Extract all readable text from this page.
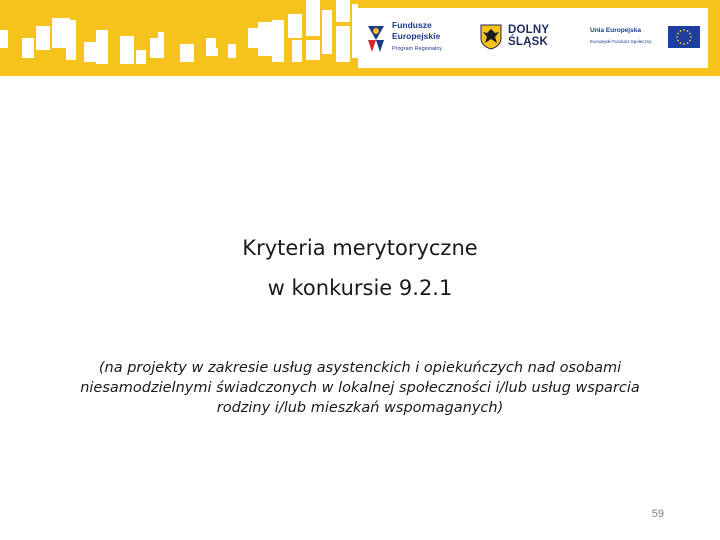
Fundusze
Europejskie
Program Regionalny
DOLNY
ŚLĄSK
Unia Europejska
Europejski Fundusz Społeczny
Kryteria merytoryczne
w konkursie 9.2.1
(na projekty w zakresie usług asystenckich i opiekuńczych nad osobami niesamodzielnymi świadczonych w lokalnej społeczności i/lub usług wsparcia rodziny i/lub mieszkań wspomaganych)
59
